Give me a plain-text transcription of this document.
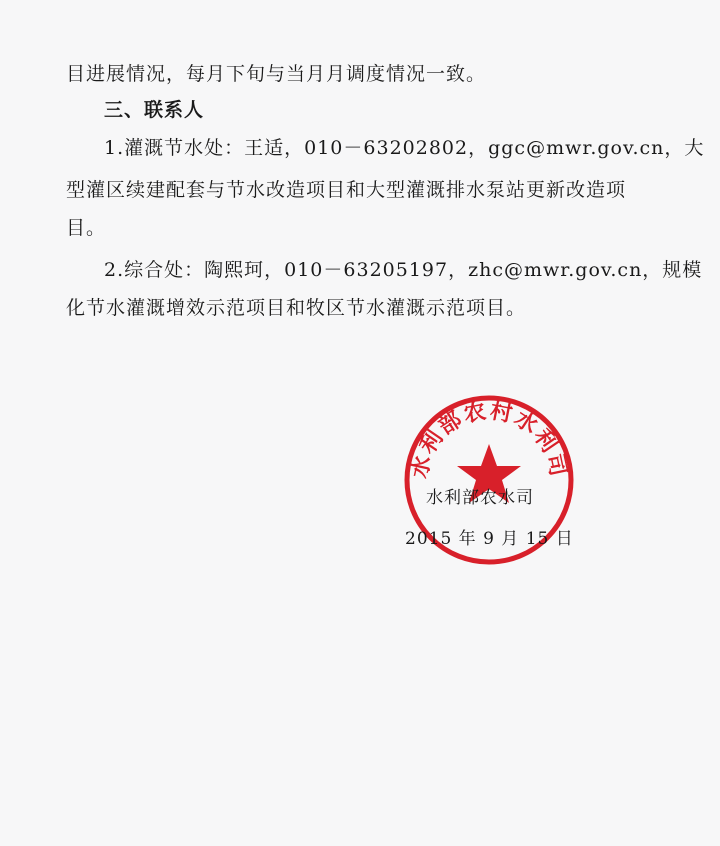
目进展情况，每月下旬与当月月调度情况一致。
三、联系人
1.灌溉节水处：王适，010－63202802，ggc@mwr.gov.cn，大
型灌区续建配套与节水改造项目和大型灌溉排水泵站更新改造项
目。
2.综合处：陶熙珂，010－63205197，zhc@mwr.gov.cn，规模
化节水灌溉增效示范项目和牧区节水灌溉示范项目。
水利部农村水利司
水利部农水司
2015 年 9 月 15 日
